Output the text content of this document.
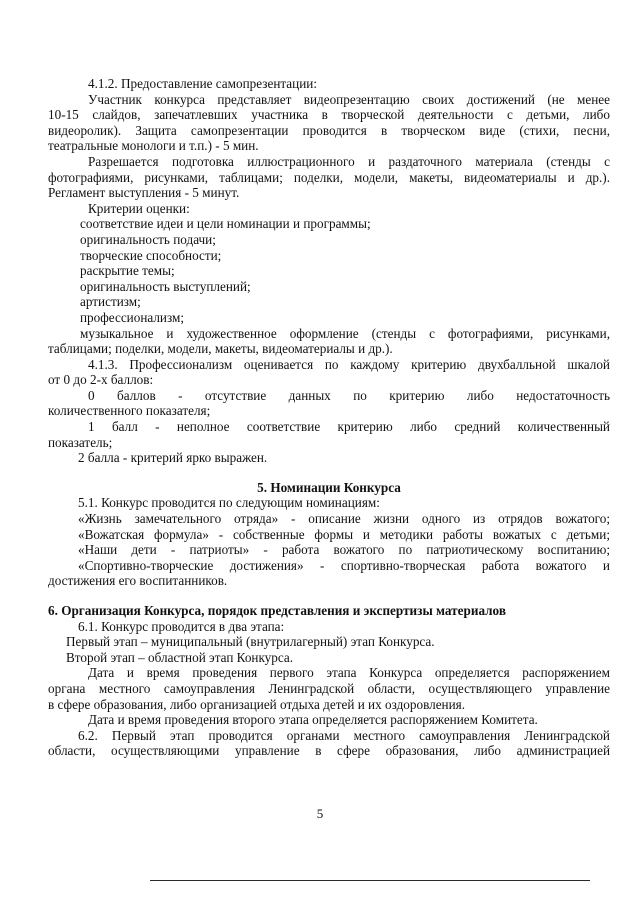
4.1.2. Предоставление самопрезентации:

Участник конкурса представляет видеопрезентацию своих достижений (не менее

10-15 слайдов, запечатлевших участника в творческой деятельности с детьми, либо

видеоролик). Защита самопрезентации проводится в творческом виде (стихи, песни,

театральные монологи и т.п.) - 5 мин.

Разрешается подготовка иллюстрационного и раздаточного материала (стенды с

фотографиями, рисунками, таблицами; поделки, модели, макеты, видеоматериалы и др.).

Регламент выступления - 5 минут.

Критерии оценки:

соответствие идеи и цели номинации и программы;

оригинальность подачи;

творческие способности;

раскрытие темы;

оригинальность выступлений;

артистизм;

профессионализм;

музыкальное и художественное оформление (стенды с фотографиями, рисунками,

таблицами; поделки, модели, макеты, видеоматериалы и др.).

4.1.3. Профессионализм оценивается по каждому критерию двухбалльной шкалой

от 0 до 2-х баллов:

0 баллов - отсутствие данных по критерию либо недостаточность

количественного показателя;

1 балл - неполное соответствие критерию либо средний количественный

показатель;

2 балла - критерий ярко выражен.

5. Номинации Конкурса

5.1. Конкурс проводится по следующим номинациям:

«Жизнь замечательного отряда» - описание жизни одного из отрядов вожатого;

«Вожатская формула» - собственные формы и методики работы вожатых с детьми;

«Наши дети - патриоты» - работа вожатого по патриотическому воспитанию;

«Спортивно-творческие достижения» - спортивно-творческая работа вожатого и

достижения его воспитанников.

6. Организация Конкурса, порядок представления и экспертизы материалов

6.1. Конкурс проводится в два этапа:

Первый этап – муниципальный (внутрилагерный) этап Конкурса.

Второй этап – областной этап Конкурса.

Дата и время проведения первого этапа Конкурса определяется распоряжением

органа местного самоуправления Ленинградской области, осуществляющего управление

в сфере образования, либо организацией отдыха детей и их оздоровления.

Дата и время проведения второго этапа определяется распоряжением Комитета.

6.2. Первый этап проводится органами местного самоуправления Ленинградской

области, осуществляющими управление в сфере образования, либо администрацией

5
